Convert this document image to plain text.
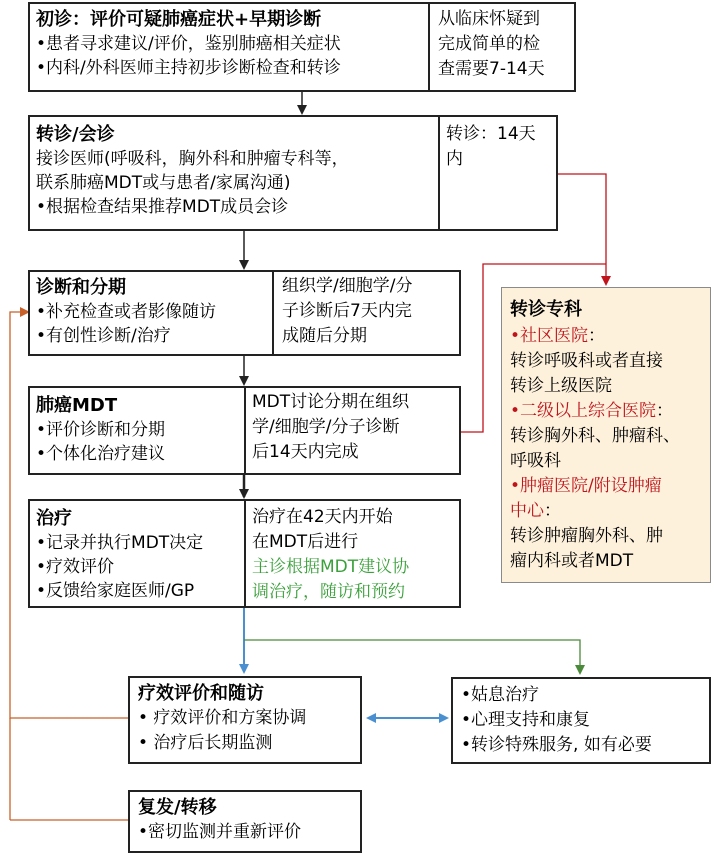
初诊：评价可疑肺癌症状+早期诊断
•患者寻求建议/评价，鉴别肺癌相关症状
•内科/外科医师主持初步诊断检查和转诊
从临床怀疑到
完成简单的检
查需要7-14天
转诊/会诊
接诊医师(呼吸科，胸外科和肿瘤专科等，
联系肺癌MDT或与患者/家属沟通)
•根据检查结果推荐MDT成员会诊
转诊：14天
内
诊断和分期
•补充检查或者影像随访
•有创性诊断/治疗
组织学/细胞学/分
子诊断后7天内完
成随后分期
肺癌MDT
•评价诊断和分期
•个体化治疗建议
MDT讨论分期在组织
学/细胞学/分子诊断
后14天内完成
治疗
•记录并执行MDT决定
•疗效评价
•反馈给家庭医师/GP
治疗在42天内开始
在MDT后进行
主诊根据MDT建议协
调治疗，随访和预约
疗效评价和随访
• 疗效评价和方案协调
• 治疗后长期监测
复发/转移
•密切监测并重新评价
•姑息治疗
•心理支持和康复
•转诊特殊服务, 如有必要
转诊专科
•社区医院：
转诊呼吸科或者直接
转诊上级医院
•二级以上综合医院：
转诊胸外科、肿瘤科、
呼吸科
•肿瘤医院/附设肿瘤
中心：
转诊肿瘤胸外科、肿
瘤内科或者MDT
